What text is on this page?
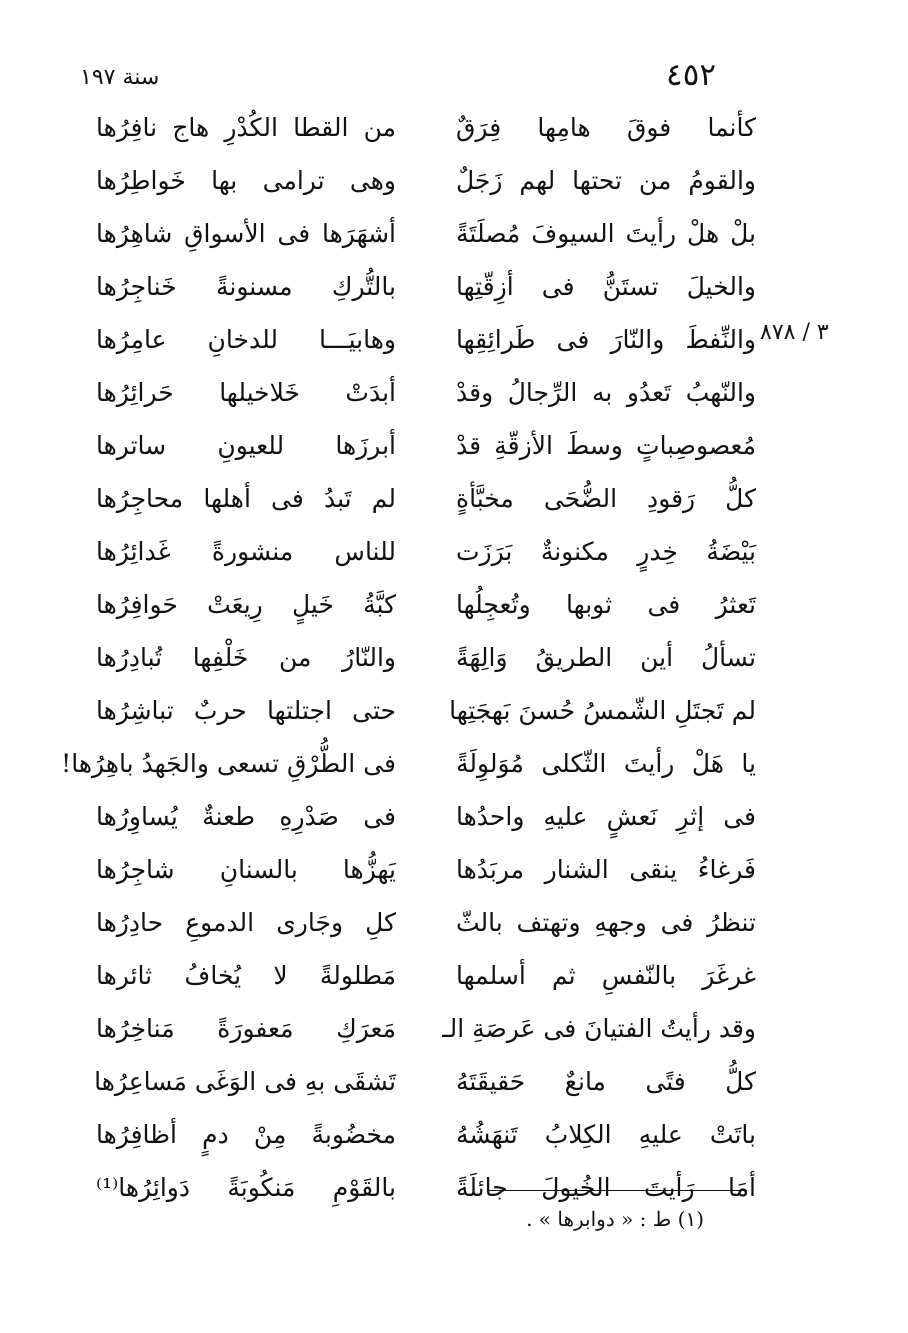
٤٥٢
سنة ١٩٧
٣ / ٨٧٨
كأنما فوقَ هامِها فِرَقٌ
من القطا الكُدْرِ هاج نافِرُها
والقومُ من تحتها لهم زَجَلٌ
وهى ترامى بها خَواطِرُها
بلْ هلْ رأيتَ السيوفَ مُصلَتَةً
أشهَرَها فى الأسواقِ شاهِرُها
والخيلَ تستَنُّ فى أزِقّتِها
بالتُّركِ مسنونةً خَناجِرُها
والنِّفطَ والنّارَ فى طَرائِقِها
وهابيَـــا للدخانِ عامِرُها
والنّهبُ تَعدُو به الرِّجالُ وقدْ
أبدَتْ خَلاخيلها حَرائِرُها
مُعصوصِباتٍ وسطَ الأزقّةِ قدْ
أبرزَها للعيونِ ساترها
كلُّ رَقودِ الضُّحَى مخبَّأةٍ
لم تَبدُ فى أهلها محاجِرُها
بَيْضَةُ خِدرٍ مكنونةٌ بَرَزَت
للناس منشورةً غَدائِرُها
تَعثرُ فى ثوبها وتُعجِلُها
كبَّةُ خَيلٍ رِيعَتْ حَوافِرُها
تسألُ أين الطريقُ وَالِهَةً
والنّارُ من خَلْفِها تُبادِرُها
لم تَجتَلِ الشّمسُ حُسنَ بَهجَتِها
حتى اجتلتها حربٌ تباشِرُها
يا هَلْ رأيتَ الثّكلى مُوَلوِلَةً
فى الطُّرْقِ تسعى والجَهدُ باهِرُها!
فى إثرِ نَعشٍ عليهِ واحدُها
فى صَدْرِهِ طعنةٌ يُساوِرُها
فَرغاءُ ينقى الشنار مربَدُها
يَهزُّها بالسنانِ شاجِرُها
تنظرُ فى وجههِ وتهتف بالثّ
كلِ وجَارى الدموعِ حادِرُها
غرغَرَ بالنّفسِ ثم أسلمها
مَطلولةً لا يُخافُ ثائرها
وقد رأيتُ الفتيانَ فى عَرصَةِ الـ
مَعرَكِ مَعفورَةً مَناخِرُها
كلُّ فتًى مانعٌ حَقيقَتَهُ
تَشقَى بهِ فى الوَغَى مَساعِرُها
باتَتْ عليهِ الكِلابُ تَنهَشُهُ
مخضُوبةً مِنْ دمٍ أظافِرُها
أمَا رَأيتَ الخُيولَ جائلَةً
بالقَوْمِ مَنكُوبَةً دَوائِرُها⁽¹⁾
(١) ط : « دوابرها » .
